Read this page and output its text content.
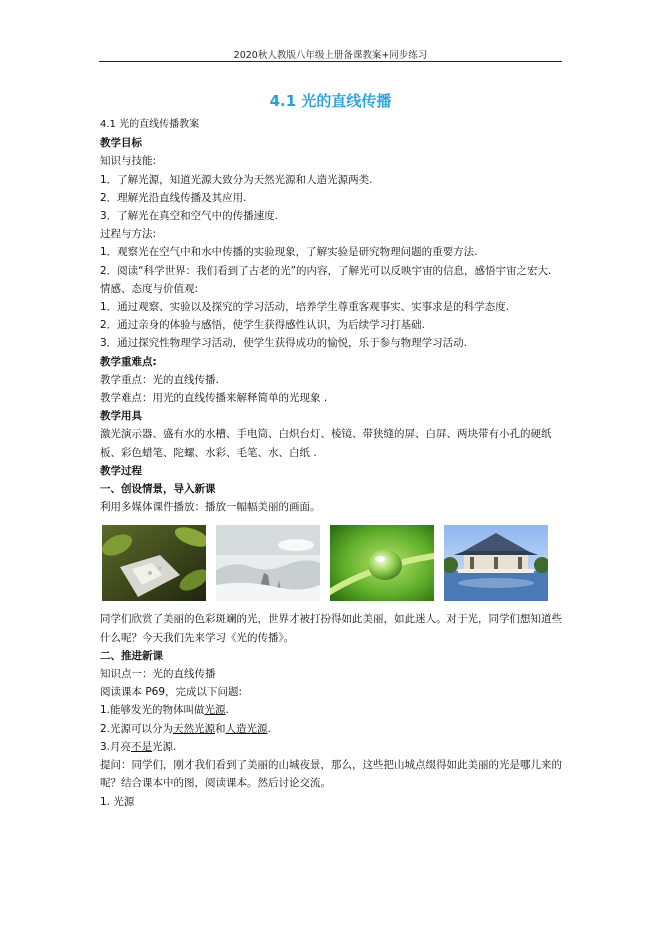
2020秋人教版八年级上册备课教案+同步练习
4.1 光的直线传播

4.1 光的直线传播教案

教学目标

知识与技能:

1．了解光源，知道光源大致分为天然光源和人造光源两类.

2．理解光沿直线传播及其应用.

3．了解光在真空和空气中的传播速度.

过程与方法:

1．观察光在空气中和水中传播的实验现象，了解实验是研究物理问题的重要方法.

2．阅读“科学世界：我们看到了古老的光”的内容，了解光可以反映宇宙的信息，感悟宇宙之宏大.

情感、态度与价值观:

1．通过观察、实验以及探究的学习活动，培养学生尊重客观事实、实事求是的科学态度.

2．通过亲身的体验与感悟，使学生获得感性认识，为后续学习打基础.

3．通过探究性物理学习活动，使学生获得成功的愉悦，乐于参与物理学习活动.

教学重难点:

教学重点：光的直线传播.

教学难点：用光的直线传播来解释简单的光现象 .

教学用具

激光演示器、盛有水的水槽、手电筒、白炽台灯、棱镜、带狭缝的屏、白屏、两块带有小孔的硬纸板、彩色蜡笔、陀螺、水彩、毛笔、水、白纸 .

教学过程

一、创设情景，导入新课

利用多媒体课件播放：播放一幅幅美丽的画面。

同学们欣赏了美丽的色彩斑斓的光，世界才被打扮得如此美丽，如此迷人。对于光，同学们想知道些什么呢？今天我们先来学习《光的传播》。

二、推进新课

知识点一：光的直线传播

阅读课本 P69，完成以下问题:

1.能够发光的物体叫做光源.

2.光源可以分为天然光源和人造光源.

3.月亮不是光源.

提问：同学们，刚才我们看到了美丽的山城夜景，那么，这些把山城点缀得如此美丽的光是哪儿来的呢？结合课本中的图，阅读课本。然后讨论交流。

1. 光源
